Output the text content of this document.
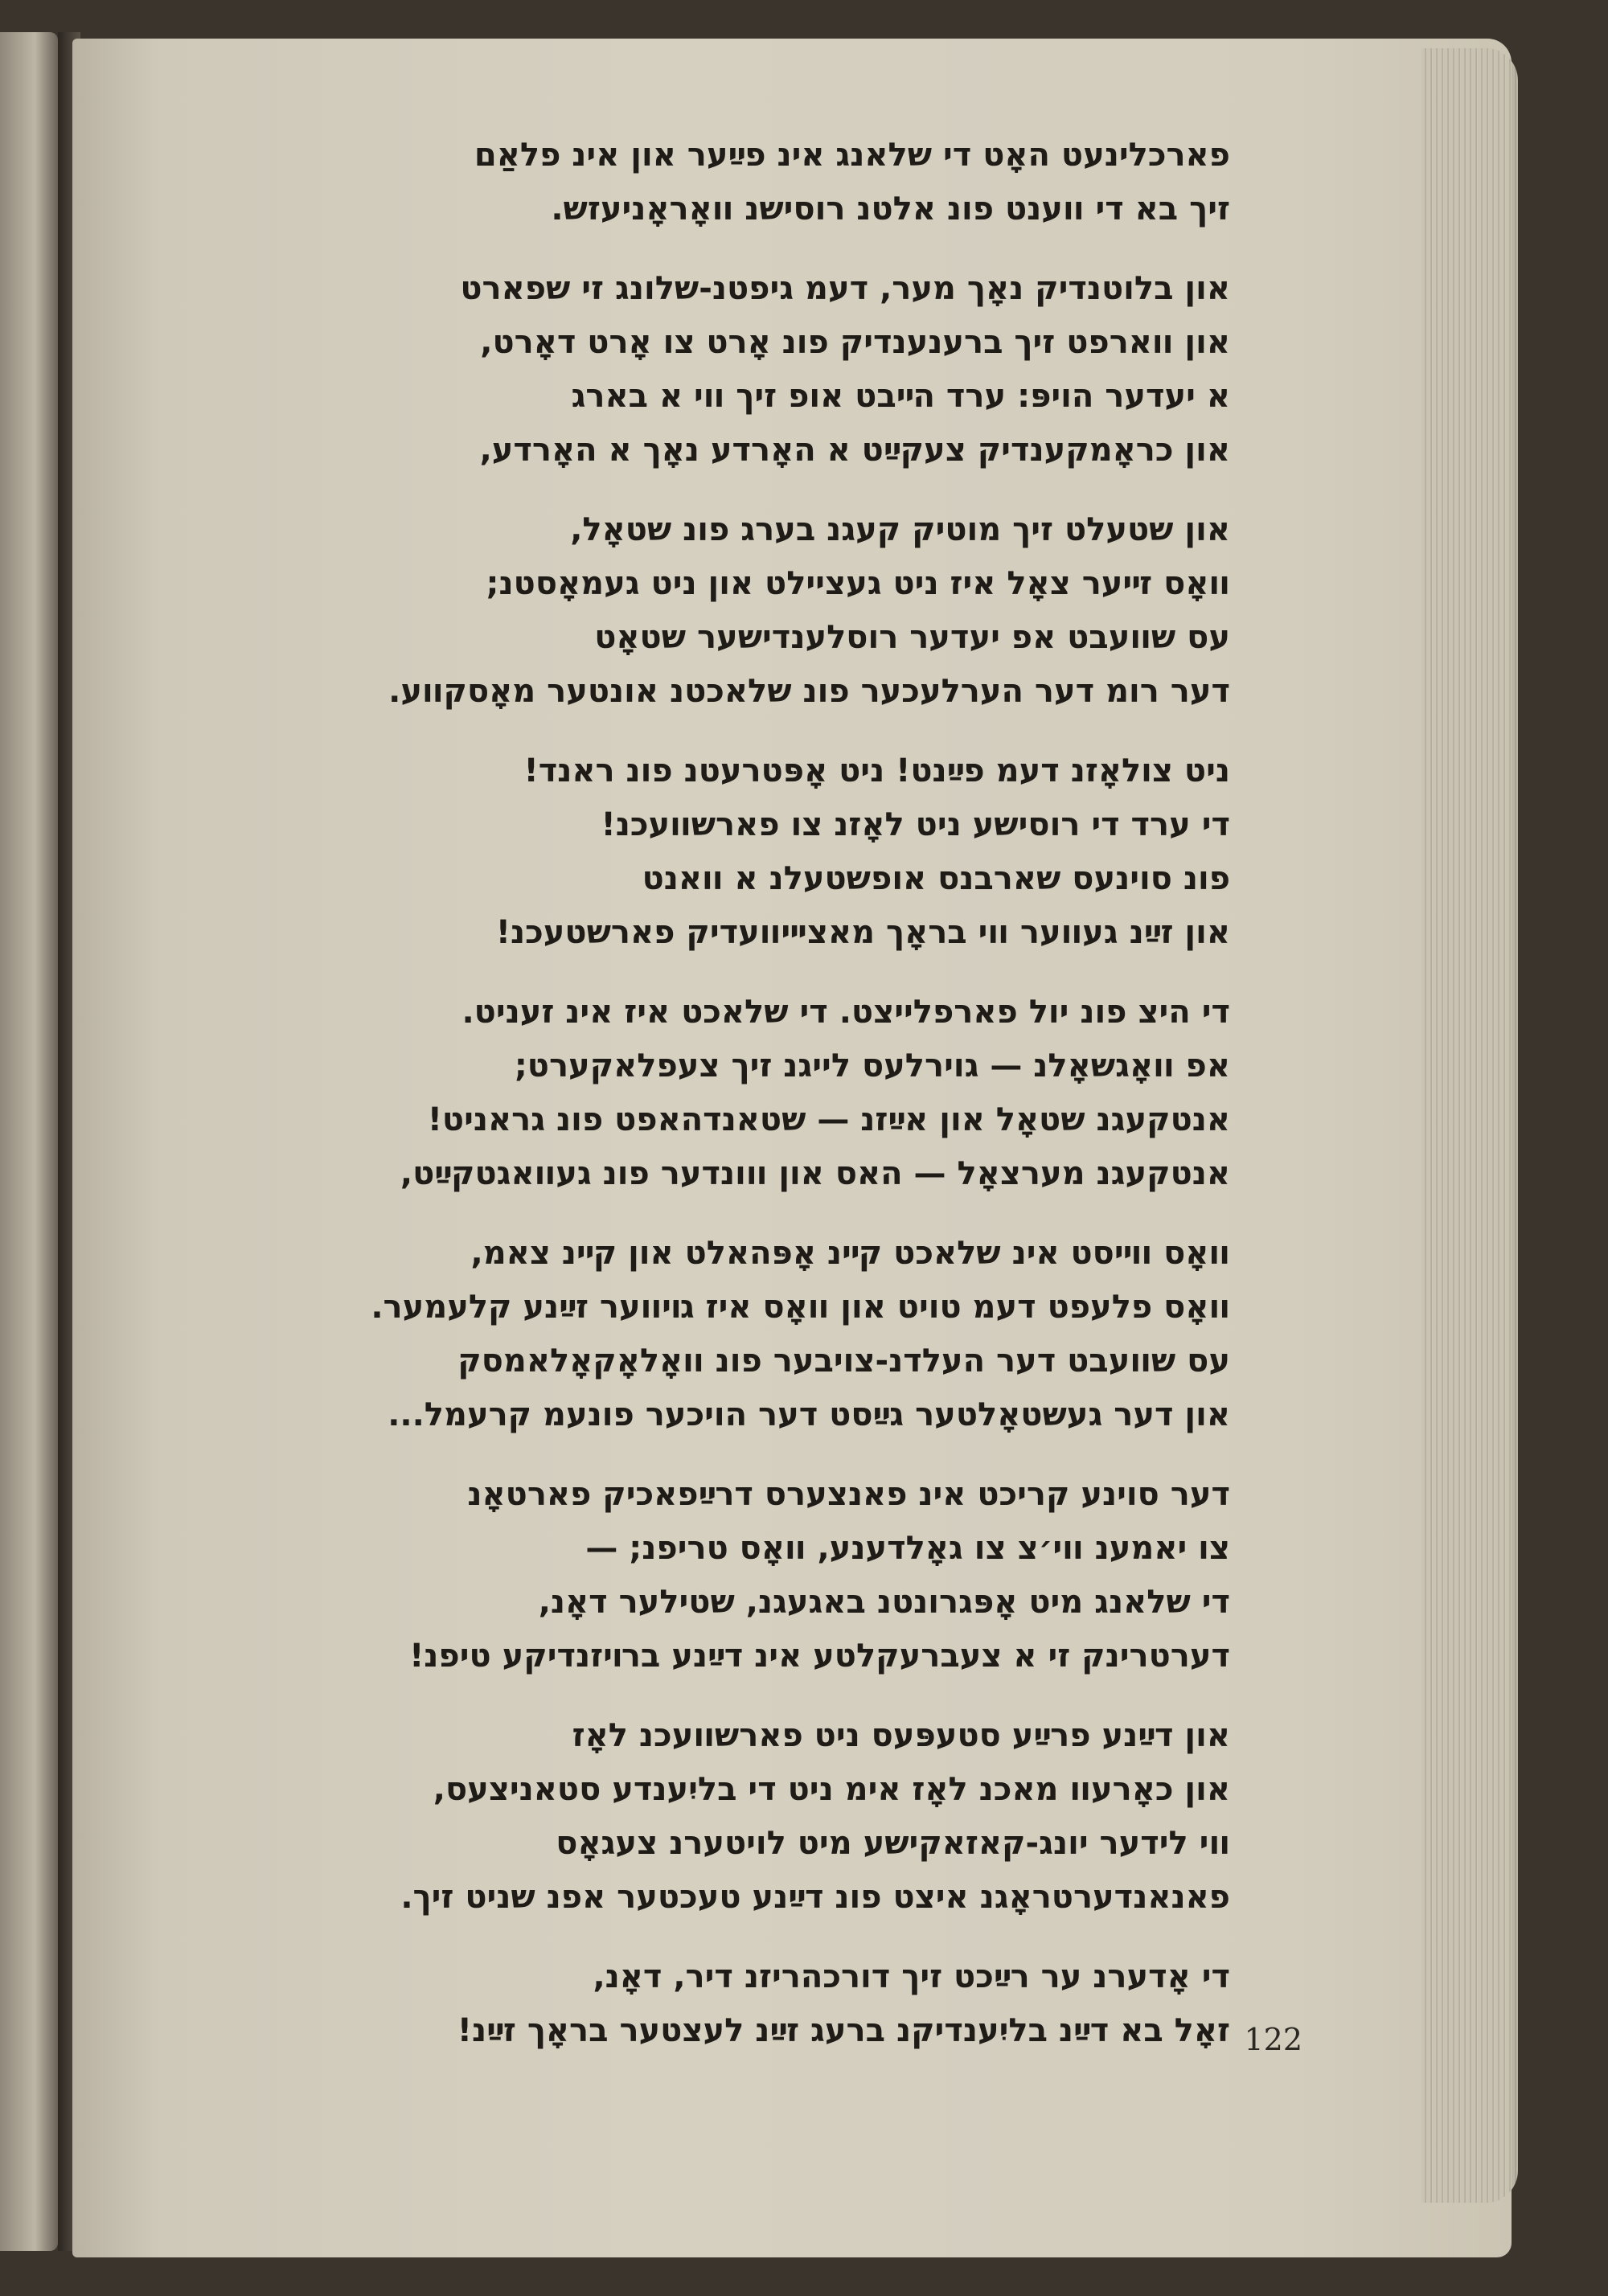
פארכלינעט האָט די שלאנג אינ פײַער און אינ פלאַם
זיך בא די װענט פונ אלטנ רוסישנ װאָראָניעזש.
און בלוטנדיק נאָך מער, דעמ גיפטנ-שלונג זי שפארט
און װארפט זיך ברענענדיק פונ אָרט צו אָרט דאָרט,
א יעדער הויפּ: ערד הײבט אופ זיך װי א בארג
און כראָמקענדיק צעקײַט א האָרדע נאָך א האָרדע,
און שטעלט זיך מוטיק קעגנ בערג פונ שטאָל,
װאָס זײער צאָל איז ניט געציילט און ניט געמאָסטנ;
עס שװעבט אפ יעדער רוסלענדישער שטאָט
דער רומ דער הערלעכער פונ שלאכטנ אונטער מאָסקװע.
ניט צולאָזנ דעמ פײַנט! ניט אָפּטרעטנ פונ ראנד!
די ערד די רוסישע ניט לאָזנ צו פארשװעכנ!
פונ סוינעס שארבנס אופשטעלנ א װאנט
און זײַנ געװער װי בראָך מאציײװעדיק פארשטעכנ!
די היצ פונ יול פארפלייצט. די שלאכט איז אינ זעניט.
אפ װאָגשאָלנ — גוירלעס לייגנ זיך צעפלאקערט;
אנטקעגנ שטאָל און אײַזנ — שטאנדהאפט פונ גראניט!
אנטקעגנ מערצאָל — האס און װונדער פונ געװאגטקײַט,
װאָס װײסט אינ שלאכט קײנ אָפּהאלט און קײנ צאמ,
װאָס פלעפט דעמ טויט און װאָס איז גױװער זײַנע קלעמער.
עס שװעבט דער העלדנ-צויבער פונ װאָלאָקאָלאמסק
און דער געשטאָלטער גײַסט דער הויכער פונעמ קרעמל...
דער סוינע קריכט אינ פאנצערס דרײַפאכיק פארטאָנ
צו יאמענ װי׳צ צו גאָלדענע, װאָס טריפנ; —
די שלאנג מיט אָפּגרונטנ באגעגנ, שטילער דאָנ,
דערטרינק זי א צעברעקלטע אינ דײַנע ברױזנדיקע טיפנ!
און דײַנע פרײַע סטעפּעס ניט פארשװעכנ לאָז
און כאָרעװ מאכנ לאָז אימ ניט די בליִענדע סטאניצעס,
װי לידער יונג-קאזאקישע מיט לויטערנ צעגאָס
פאנאנדערטראָגנ איצט פונ דײַנע טעכטער אפנ שניט זיך.
די אָדערנ ער רײַכט זיך דורכהריזנ דיר, דאָנ,
זאָל בא דײַנ בליִענדיקנ ברעג זײַנ לעצטער בראָך זײַנ! 122
